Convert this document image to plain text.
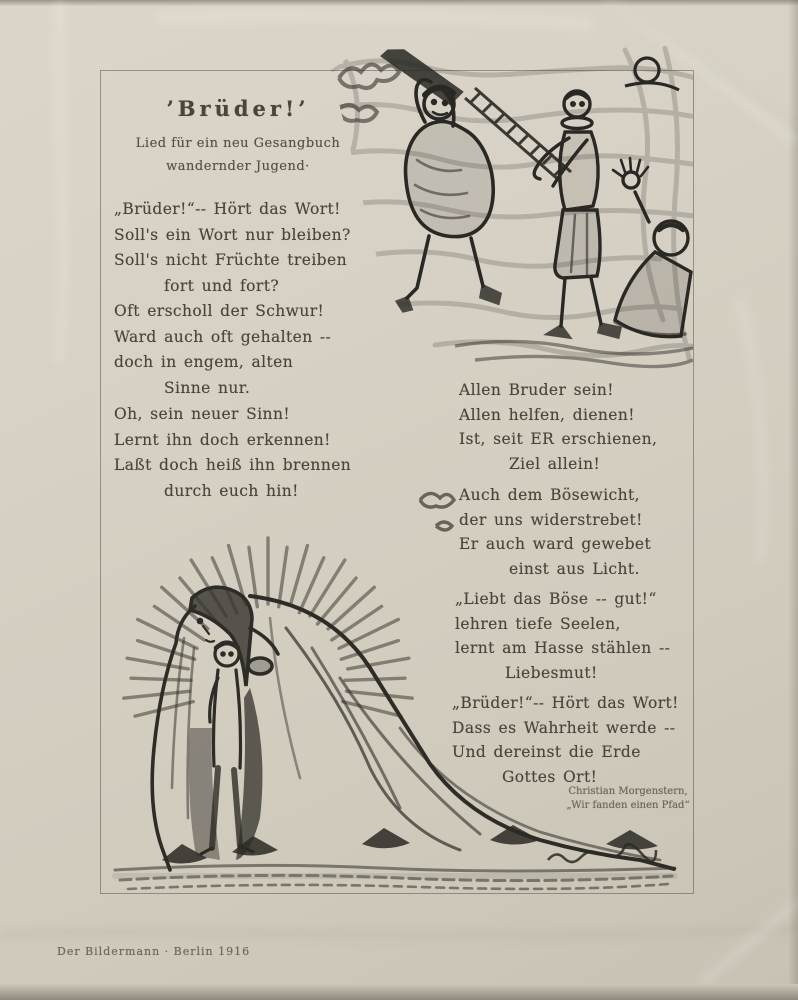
’Brüder!’
Lied für ein neu Gesangbuch
wandernder Jugend·
„Brüder!“-- Hört das Wort!
Soll's ein Wort nur bleiben?
Soll's nicht Früchte treiben
fort und fort?
Oft erscholl der Schwur!
Ward auch oft gehalten --
doch in engem, alten
Sinne nur.
Oh, sein neuer Sinn!
Lernt ihn doch erkennen!
Laßt doch heiß ihn brennen
durch euch hin!
Allen Bruder sein!
Allen helfen, dienen!
Ist, seit ER erschienen,
Ziel allein!
Auch dem Bösewicht,
der uns widerstrebet!
Er auch ward gewebet
einst aus Licht.
„Liebt das Böse -- gut!“
lehren tiefe Seelen,
lernt am Hasse stählen --
Liebesmut!
„Brüder!“-- Hört das Wort!
Dass es Wahrheit werde --
Und dereinst die Erde
Gottes Ort!
Christian Morgenstern,
„Wir fanden einen Pfad“
Der Bildermann · Berlin 1916
